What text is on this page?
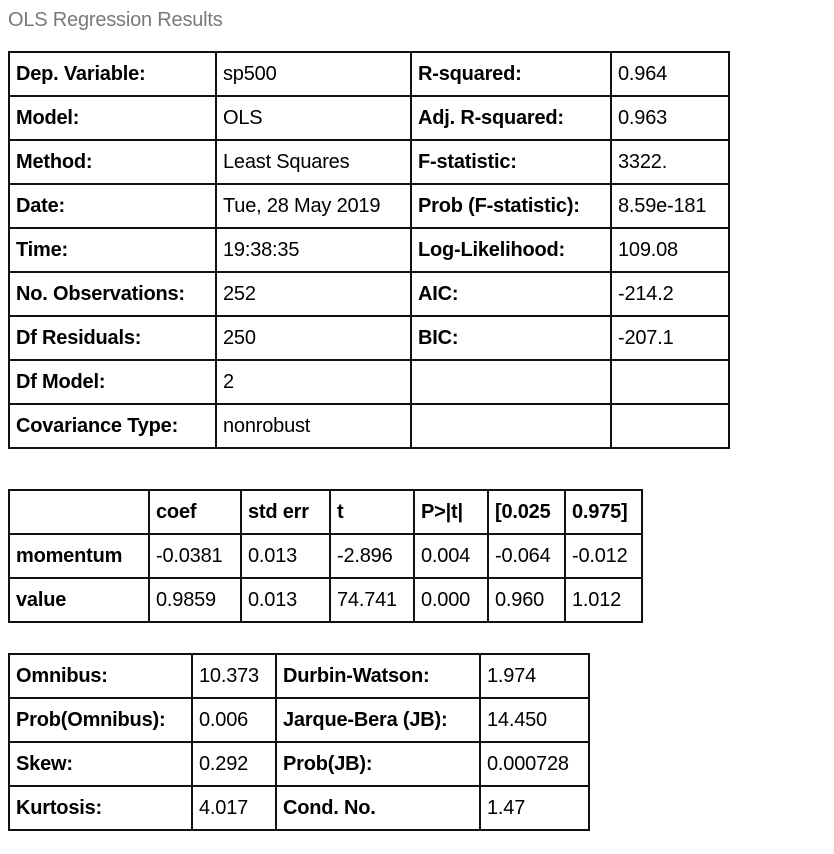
OLS Regression Results
Dep. Variable:	sp500	R-squared:	0.964
Model:	OLS	Adj. R-squared:	0.963
Method:	Least Squares	F-statistic:	3322.
Date:	Tue, 28 May 2019	Prob (F-statistic):	8.59e-181
Time:	19:38:35	Log-Likelihood:	109.08
No. Observations:	252	AIC:	-214.2
Df Residuals:	250	BIC:	-207.1
Df Model:	2		
Covariance Type:	nonrobust		
	coef	std err	t	P>|t|	[0.025	0.975]
momentum	-0.0381	0.013	-2.896	0.004	-0.064	-0.012
value	0.9859	0.013	74.741	0.000	0.960	1.012
Omnibus:	10.373	Durbin-Watson:	1.974
Prob(Omnibus):	0.006	Jarque-Bera (JB):	14.450
Skew:	0.292	Prob(JB):	0.000728
Kurtosis:	4.017	Cond. No.	1.47
